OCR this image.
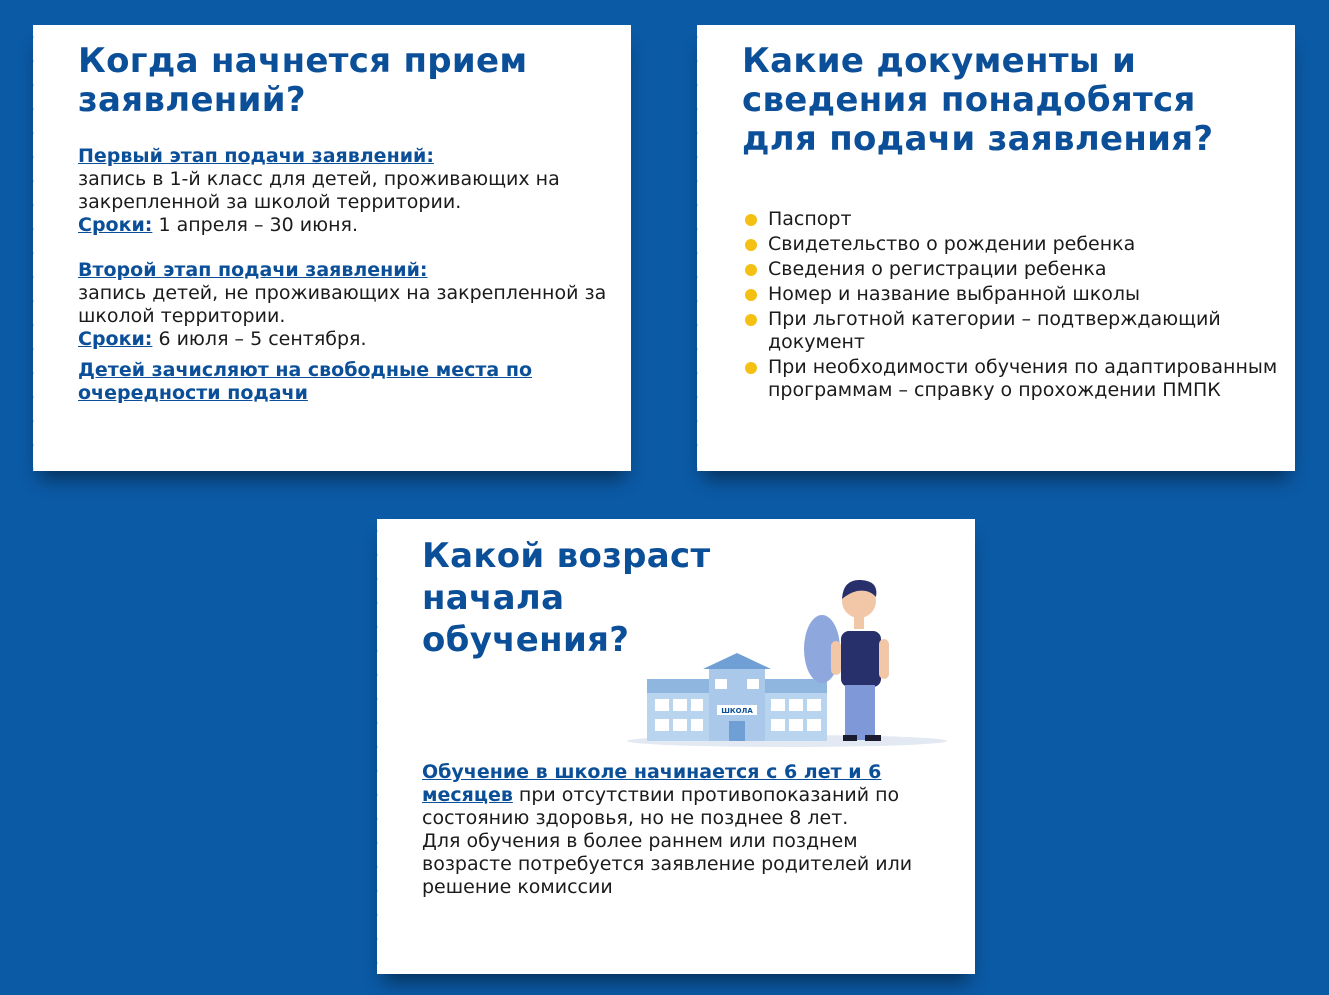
Когда начнется прием заявлений?

Первый этап подачи заявлений:

запись в 1-й класс для детей, проживающих на закрепленной за школой территории.

Сроки: 1 апреля – 30 июня.

Второй этап подачи заявлений:

запись детей, не проживающих на закрепленной за школой территории.

Сроки: 6 июля – 5 сентября.

Детей зачисляют на свободные места по очередности подачи

Какие документы и сведения понадобятся для подачи заявления?
Паспорт
Свидетельство о рождении ребенка
Сведения о регистрации ребенка
Номер и название выбранной школы
При льготной категории – подтверждающий документ
При необходимости обучения по адаптированным программам – справку о прохождении ПМПК
Какой возраст начала обучения?
ШКОЛА

Обучение в школе начинается с 6 лет и 6 месяцев при отсутствии противопоказаний по состоянию здоровья, но не позднее 8 лет.

Для обучения в более раннем или позднем возрасте потребуется заявление родителей или решение комиссии
